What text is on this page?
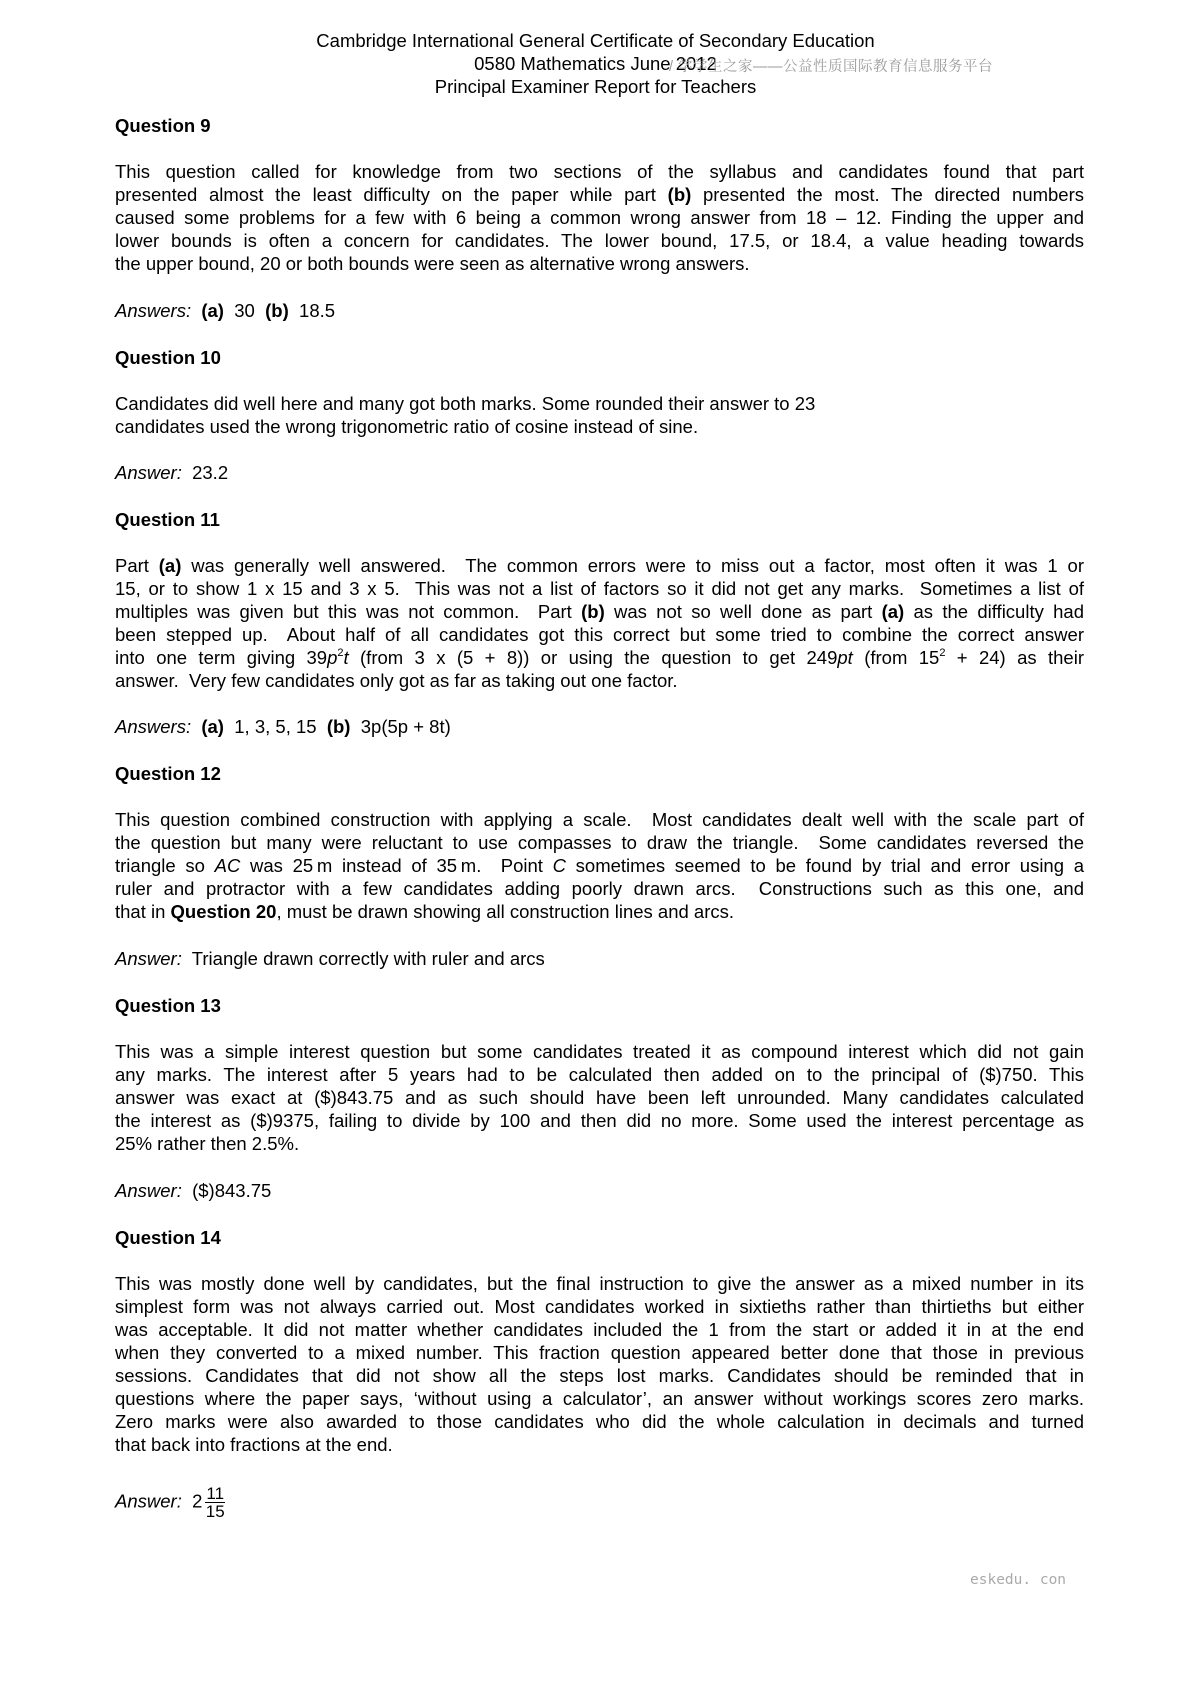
Cambridge International General Certificate of Secondary Education
0580 Mathematics June 2012
Principal Examiner Report for Teachers
/ 学学生之家——公益性质国际教育信息服务平台
Question 9
This question called for knowledge from two sections of the syllabus and candidates found that part
presented almost the least difficulty on the paper while part (b) presented the most. The directed numbers
caused some problems for a few with 6 being a common wrong answer from 18 – 12. Finding the upper and
lower bounds is often a concern for candidates. The lower bound, 17.5, or 18.4, a value heading towards
the upper bound, 20 or both bounds were seen as alternative wrong answers.
Answers: (a) 30 (b) 18.5
Question 10
Candidates did well here and many got both marks. Some rounded their answer to 23
candidates used the wrong trigonometric ratio of cosine instead of sine.
Answer: 23.2
Question 11
Part (a) was generally well answered.  The common errors were to miss out a factor, most often it was 1 or
15, or to show 1 x 15 and 3 x 5.  This was not a list of factors so it did not get any marks.  Sometimes a list of
multiples was given but this was not common.  Part (b) was not so well done as part (a) as the difficulty had
been stepped up.  About half of all candidates got this correct but some tried to combine the correct answer
into one term giving $39p^2t$ (from 3 x (5 + 8)) or using the question to get 249pt (from $15^2 + 24$) as their
answer.  Very few candidates only got as far as taking out one factor.
Answers: (a) 1, 3, 5, 15 (b) 3p(5p + 8t)
Question 12
This question combined construction with applying a scale.  Most candidates dealt well with the scale part of
the question but many were reluctant to use compasses to draw the triangle.  Some candidates reversed the
triangle so AC was 25 m instead of 35 m.  Point C sometimes seemed to be found by trial and error using a
ruler and protractor with a few candidates adding poorly drawn arcs.  Constructions such as this one, and
that in Question 20, must be drawn showing all construction lines and arcs.
Answer: Triangle drawn correctly with ruler and arcs
Question 13
This was a simple interest question but some candidates treated it as compound interest which did not gain
any marks. The interest after 5 years had to be calculated then added on to the principal of ($)750. This
answer was exact at ($)843.75 and as such should have been left unrounded. Many candidates calculated
the interest as ($)9375, failing to divide by 100 and then did no more. Some used the interest percentage as
25% rather then 2.5%.
Answer: ($)843.75
Question 14
This was mostly done well by candidates, but the final instruction to give the answer as a mixed number in its
simplest form was not always carried out. Most candidates worked in sixtieths rather than thirtieths but either
was acceptable. It did not matter whether candidates included the 1 from the start or added it in at the end
when they converted to a mixed number. This fraction question appeared better done that those in previous
sessions. Candidates that did not show all the steps lost marks. Candidates should be reminded that in
questions where the paper says, ‘without using a calculator’, an answer without workings scores zero marks.
Zero marks were also awarded to those candidates who did the whole calculation in decimals and turned
that back into fractions at the end.
Answer: $2 \frac{11}{15}$
eskedu. con
